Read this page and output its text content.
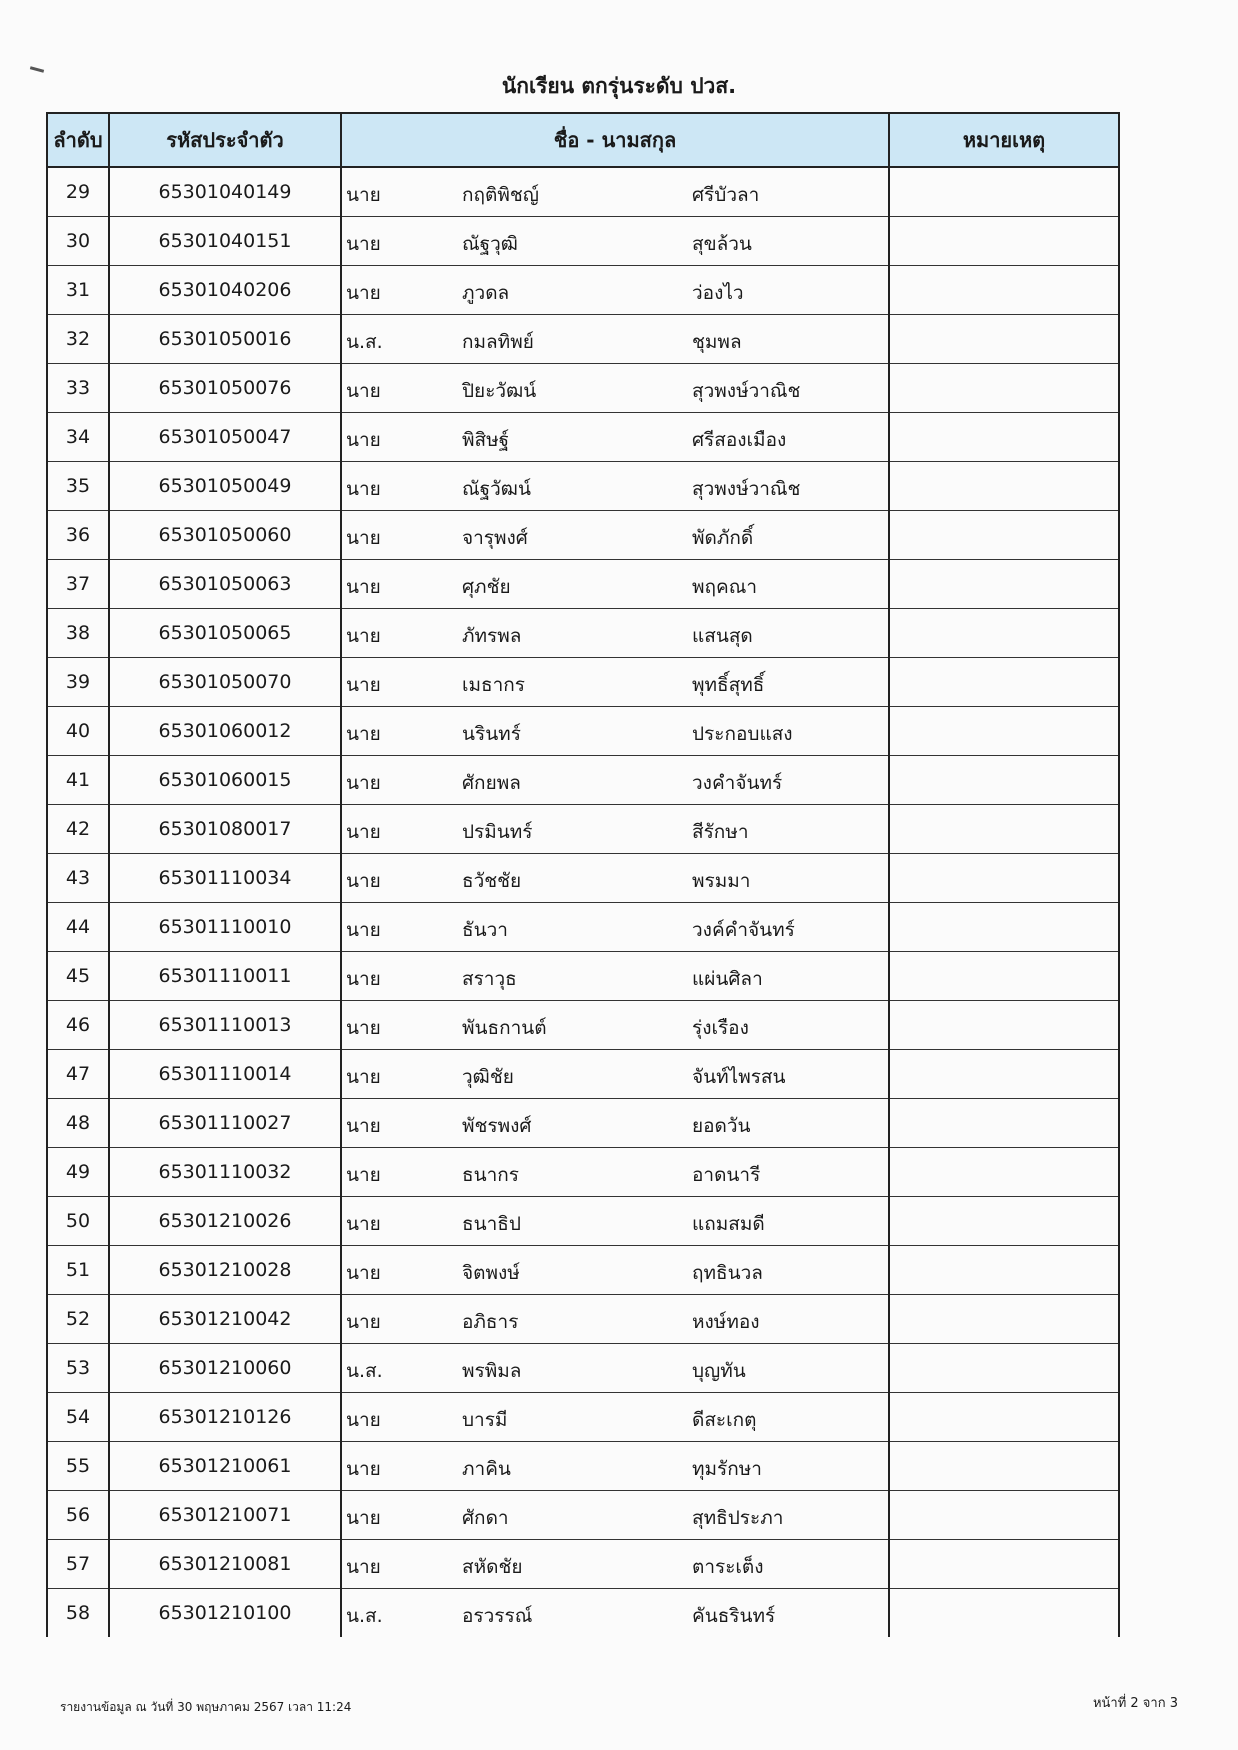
นักเรียน ตกรุ่นระดับ ปวส.
ลำดับ	รหัสประจำตัว	ชื่อ - นามสกุล	หมายเหตุ
29	65301040149	นาย กฤติพิชญ์ ศรีบัวลา	

30	65301040151	นาย ณัฐวุฒิ สุขล้วน	

31	65301040206	นาย ภูวดล ว่องไว	

32	65301050016	น.ส. กมลทิพย์ ชุมพล	

33	65301050076	นาย ปิยะวัฒน์ สุวพงษ์วาณิช	

34	65301050047	นาย พิสิษฐ์ ศรีสองเมือง	

35	65301050049	นาย ณัฐวัฒน์ สุวพงษ์วาณิช	

36	65301050060	นาย จารุพงศ์ พัดภักดิ์	

37	65301050063	นาย ศุภชัย พฤคณา	

38	65301050065	นาย ภัทรพล แสนสุด	

39	65301050070	นาย เมธากร พุทธิ์สุทธิ์	

40	65301060012	นาย นรินทร์ ประกอบแสง	

41	65301060015	นาย ศักยพล วงคำจันทร์	

42	65301080017	นาย ปรมินทร์ สีรักษา	

43	65301110034	นาย ธวัชชัย พรมมา	

44	65301110010	นาย ธันวา วงค์คำจันทร์	

45	65301110011	นาย สราวุธ แผ่นศิลา	

46	65301110013	นาย พันธกานต์ รุ่งเรือง	

47	65301110014	นาย วุฒิชัย จันท์ไพรสน	

48	65301110027	นาย พัชรพงศ์ ยอดวัน	

49	65301110032	นาย ธนากร อาดนารี	

50	65301210026	นาย ธนาธิป แถมสมดี	

51	65301210028	นาย จิตพงษ์ ฤทธินวล	

52	65301210042	นาย อภิธาร หงษ์ทอง	

53	65301210060	น.ส. พรพิมล บุญทัน	

54	65301210126	นาย บารมี ดีสะเกตุ	

55	65301210061	นาย ภาคิน ทุมรักษา	

56	65301210071	นาย ศักดา สุทธิประภา	

57	65301210081	นาย สหัดชัย ตาระเต็ง	

58	65301210100	น.ส. อรวรรณ์ คันธรินทร์	

รายงานข้อมูล ณ วันที่ 30 พฤษภาคม 2567 เวลา 11:24	หน้าที่ 2 จาก 3
